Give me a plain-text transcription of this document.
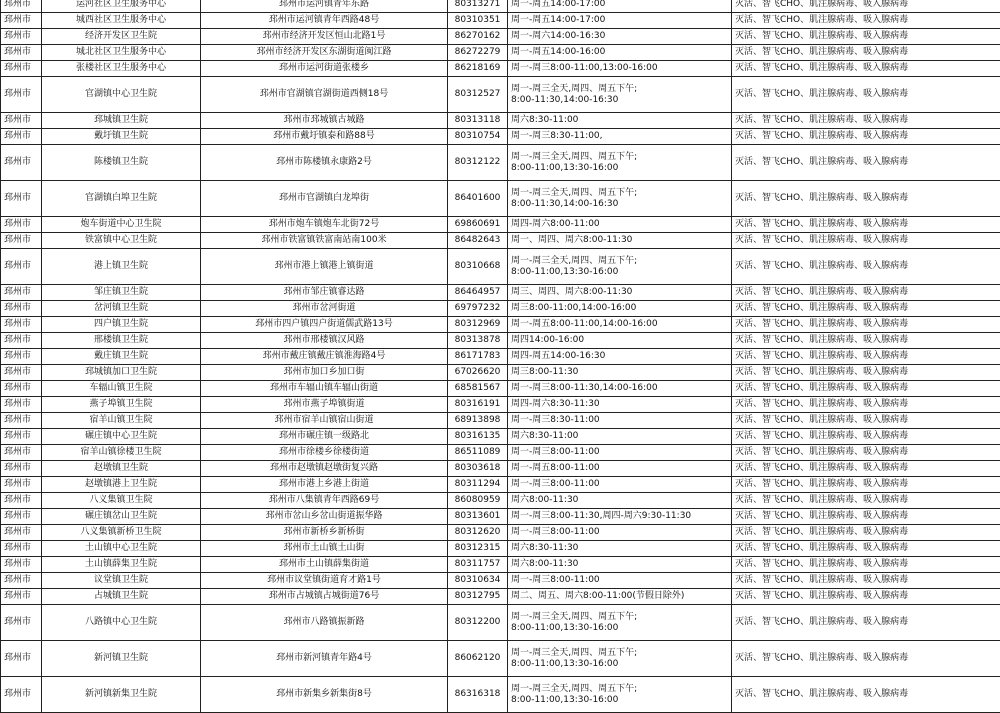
邳州市	运河社区卫生服务中心	邳州市运河镇青年东路	80313271	周一-周五14:00-17:00	灭活、智飞CHO、肌注腺病毒、吸入腺病毒
邳州市	城西社区卫生服务中心	邳州市运河镇青年西路48号	80310351	周一-周五14:00-17:00	灭活、智飞CHO、肌注腺病毒、吸入腺病毒
邳州市	经济开发区卫生院	邳州市经济开发区恒山北路1号	86270162	周一-周六14:00-16:30	灭活、智飞CHO、肌注腺病毒、吸入腺病毒
邳州市	城北社区卫生服务中心	邳州市经济开发区东湖街道闽江路	86272279	周一-周五14:00-16:00	灭活、智飞CHO、肌注腺病毒、吸入腺病毒
邳州市	张楼社区卫生服务中心	邳州市运河街道张楼乡	86218169	周一-周三8:00-11:00,13:00-16:00	灭活、智飞CHO、肌注腺病毒、吸入腺病毒
邳州市	官湖镇中心卫生院	邳州市官湖镇官湖街道西侧18号	80312527	周一-周三全天,周四、周五下午;
8:00-11:30,14:00-16:30	灭活、智飞CHO、肌注腺病毒、吸入腺病毒
邳州市	邳城镇卫生院	邳州市邳城镇古城路	80313118	周六8:30-11:00	灭活、智飞CHO、肌注腺病毒、吸入腺病毒
邳州市	戴圩镇卫生院	邳州市戴圩镇泰和路88号	80310754	周一-周三8:30-11:00,	灭活、智飞CHO、肌注腺病毒、吸入腺病毒
邳州市	陈楼镇卫生院	邳州市陈楼镇永康路2号	80312122	周一-周三全天,周四、周五下午;
8:00-11:00,13:30-16:00	灭活、智飞CHO、肌注腺病毒、吸入腺病毒
邳州市	官湖镇白埠卫生院	邳州市官湖镇白龙埠街	86401600	周一-周三全天,周四、周五下午;
8:00-11:30,14:00-16:30	灭活、智飞CHO、肌注腺病毒、吸入腺病毒
邳州市	炮车街道中心卫生院	邳州市炮车镇炮车北街72号	69860691	周四-周六8:00-11:00	灭活、智飞CHO、肌注腺病毒、吸入腺病毒
邳州市	铁富镇中心卫生院	邳州市铁富镇铁富南站南100米	86482643	周一、周四、周六8:00-11:30	灭活、智飞CHO、肌注腺病毒、吸入腺病毒
邳州市	港上镇卫生院	邳州市港上镇港上镇街道	80310668	周一-周三全天,周四、周五下午;
8:00-11:00,13:30-16:00	灭活、智飞CHO、肌注腺病毒、吸入腺病毒
邳州市	邹庄镇卫生院	邳州市邹庄镇睿达路	86464957	周三、周四、周六8:00-11:30	灭活、智飞CHO、肌注腺病毒、吸入腺病毒
邳州市	岔河镇卫生院	邳州市岔河街道	69797232	周三8:00-11:00,14:00-16:00	灭活、智飞CHO、肌注腺病毒、吸入腺病毒
邳州市	四户镇卫生院	邳州市四户镇四户街道儒武路13号	80312969	周一-周五8:00-11:00,14:00-16:00	灭活、智飞CHO、肌注腺病毒、吸入腺病毒
邳州市	邢楼镇卫生院	邳州市邢楼镇汉风路	80313878	周四14:00-16:00	灭活、智飞CHO、肌注腺病毒、吸入腺病毒
邳州市	戴庄镇卫生院	邳州市戴庄镇戴庄镇淮海路4号	86171783	周四-周五14:00-16:30	灭活、智飞CHO、肌注腺病毒、吸入腺病毒
邳州市	邳城镇加口卫生院	邳州市加口乡加口街	67026620	周三8:00-11:30	灭活、智飞CHO、肌注腺病毒、吸入腺病毒
邳州市	车辐山镇卫生院	邳州市车辐山镇车辐山街道	68581567	周一-周三8:00-11:30,14:00-16:00	灭活、智飞CHO、肌注腺病毒、吸入腺病毒
邳州市	燕子埠镇卫生院	邳州市燕子埠镇街道	80316191	周四-周六8:30-11:30	灭活、智飞CHO、肌注腺病毒、吸入腺病毒
邳州市	宿羊山镇卫生院	邳州市宿羊山镇宿山街道	68913898	周一-周三8:30-11:00	灭活、智飞CHO、肌注腺病毒、吸入腺病毒
邳州市	碾庄镇中心卫生院	邳州市碾庄镇一级路北	80316135	周六8:30-11:00	灭活、智飞CHO、肌注腺病毒、吸入腺病毒
邳州市	宿羊山镇徐楼卫生院	邳州市徐楼乡徐楼街道	86511089	周一-周三8:00-11:00	灭活、智飞CHO、肌注腺病毒、吸入腺病毒
邳州市	赵墩镇卫生院	邳州市赵墩镇赵墩街复兴路	80303618	周一-周五8:00-11:00	灭活、智飞CHO、肌注腺病毒、吸入腺病毒
邳州市	赵墩镇港上卫生院	邳州市港上乡港上街道	80311294	周一-周三8:00-11:00	灭活、智飞CHO、肌注腺病毒、吸入腺病毒
邳州市	八义集镇卫生院	邳州市八集镇青年西路69号	86080959	周六8:00-11:30	灭活、智飞CHO、肌注腺病毒、吸入腺病毒
邳州市	碾庄镇岔山卫生院	邳州市岔山乡岔山街道振华路	80313601	周一-周三8:00-11:30,周四-周六9:30-11:30	灭活、智飞CHO、肌注腺病毒、吸入腺病毒
邳州市	八义集镇新桥卫生院	邳州市新桥乡新桥街	80312620	周一-周三8:00-11:00	灭活、智飞CHO、肌注腺病毒、吸入腺病毒
邳州市	土山镇中心卫生院	邳州市土山镇土山街	80312315	周六8:30-11:30	灭活、智飞CHO、肌注腺病毒、吸入腺病毒
邳州市	土山镇薛集卫生院	邳州市土山镇薛集街道	80311757	周六8:00-11:30	灭活、智飞CHO、肌注腺病毒、吸入腺病毒
邳州市	议堂镇卫生院	邳州市议堂镇街道育才路1号	80310634	周一-周三8:00-11:00	灭活、智飞CHO、肌注腺病毒、吸入腺病毒
邳州市	占城镇卫生院	邳州市占城镇占城街道76号	80312795	周二、周五、周六8:00-11:00(节假日除外)	灭活、智飞CHO、肌注腺病毒、吸入腺病毒
邳州市	八路镇中心卫生院	邳州市八路镇振新路	80312200	周一-周三全天,周四、周五下午;
8:00-11:00,13:30-16:00	灭活、智飞CHO、肌注腺病毒、吸入腺病毒
邳州市	新河镇卫生院	邳州市新河镇青年路4号	86062120	周一-周三全天,周四、周五下午;
8:00-11:00,13:30-16:00	灭活、智飞CHO、肌注腺病毒、吸入腺病毒
邳州市	新河镇新集卫生院	邳州市新集乡新集街8号	86316318	周一-周三全天,周四、周五下午;
8:00-11:00,13:30-16:00	灭活、智飞CHO、肌注腺病毒、吸入腺病毒
